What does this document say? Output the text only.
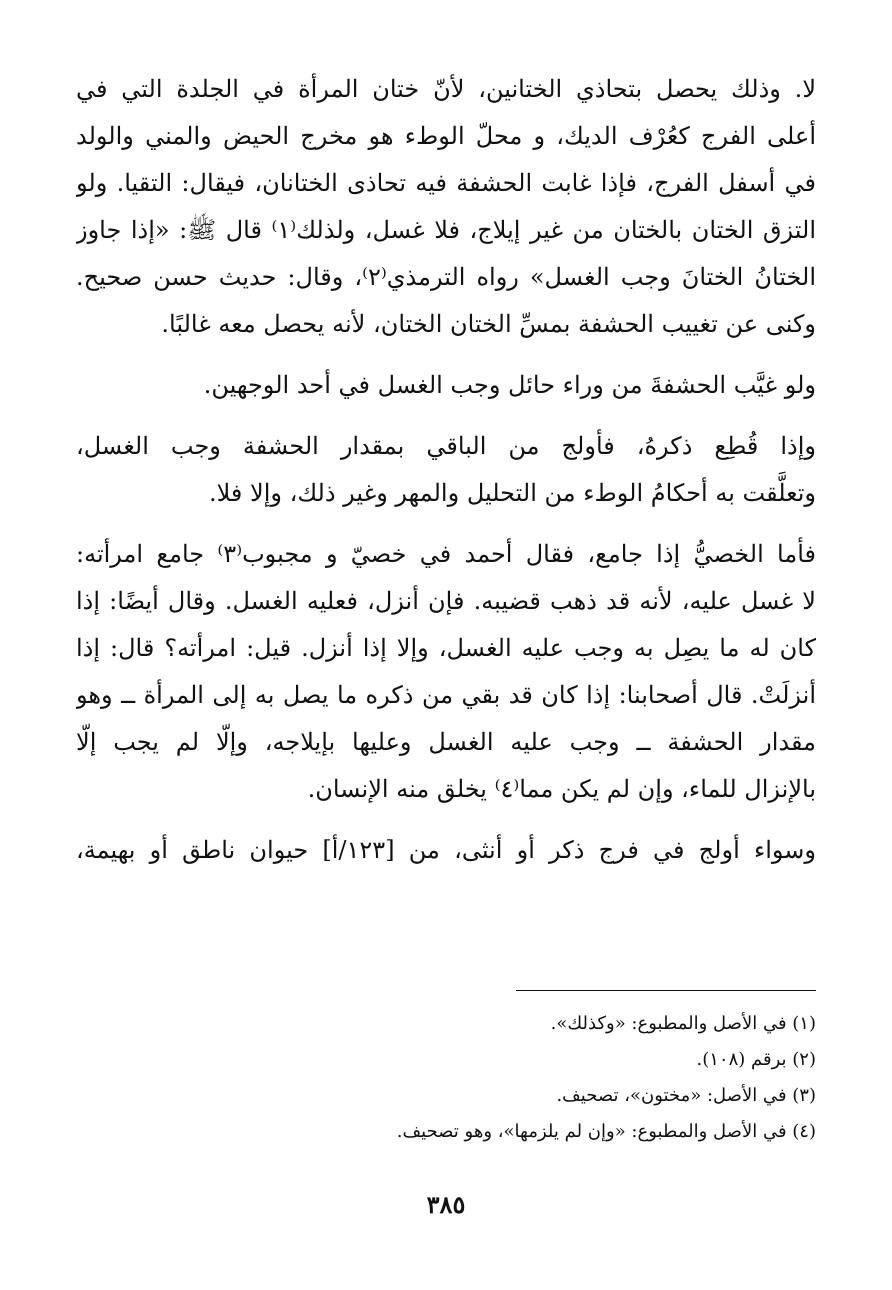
لا. وذلك يحصل بتحاذي الختانين، لأنّ ختان المرأة في الجلدة التي في
أعلى الفرج كعُرْف الديك، و محلّ الوطء هو مخرج الحيض والمني والولد
في أسفل الفرج، فإذا غابت الحشفة فيه تحاذى الختانان، فيقال: التقيا. ولو
التزق الختان بالختان من غير إيلاج، فلا غسل، ولذلك⁽١⁾ قال ﷺ: «إذا جاوز
الختانُ الختانَ وجب الغسل» رواه الترمذي⁽٢⁾، وقال: حديث حسن صحيح.
وكنى عن تغييب الحشفة بمسِّ الختان الختان، لأنه يحصل معه غالبًا.
ولو غيَّب الحشفةَ من وراء حائل وجب الغسل في أحد الوجهين.
وإذا قُطِع ذكرهُ، فأولج من الباقي بمقدار الحشفة وجب الغسل،
وتعلَّقت به أحكامُ الوطء من التحليل والمهر وغير ذلك، وإلا فلا.
فأما الخصيُّ إذا جامع، فقال أحمد في خصيّ و مجبوب⁽٣⁾ جامع امرأته:
لا غسل عليه، لأنه قد ذهب قضيبه. فإن أنزل، فعليه الغسل. وقال أيضًا: إذا
كان له ما يصِل به وجب عليه الغسل، وإلا إذا أنزل. قيل: امرأته؟ قال: إذا
أنزلَتْ. قال أصحابنا: إذا كان قد بقي من ذكره ما يصل به إلى المرأة ــ وهو
مقدار الحشفة ــ وجب عليه الغسل وعليها بإيلاجه، وإلّا لم يجب إلّا
بالإنزال للماء، وإن لم يكن مما⁽٤⁾ يخلق منه الإنسان.
وسواء أولج في فرج ذكر أو أنثى، من [١٢٣/أ] حيوان ناطق أو بهيمة،
(١) في الأصل والمطبوع: «وكذلك».
(٢) برقم (١٠٨).
(٣) في الأصل: «مختون»، تصحيف.
(٤) في الأصل والمطبوع: «وإن لم يلزمها»، وهو تصحيف.
٣٨٥
